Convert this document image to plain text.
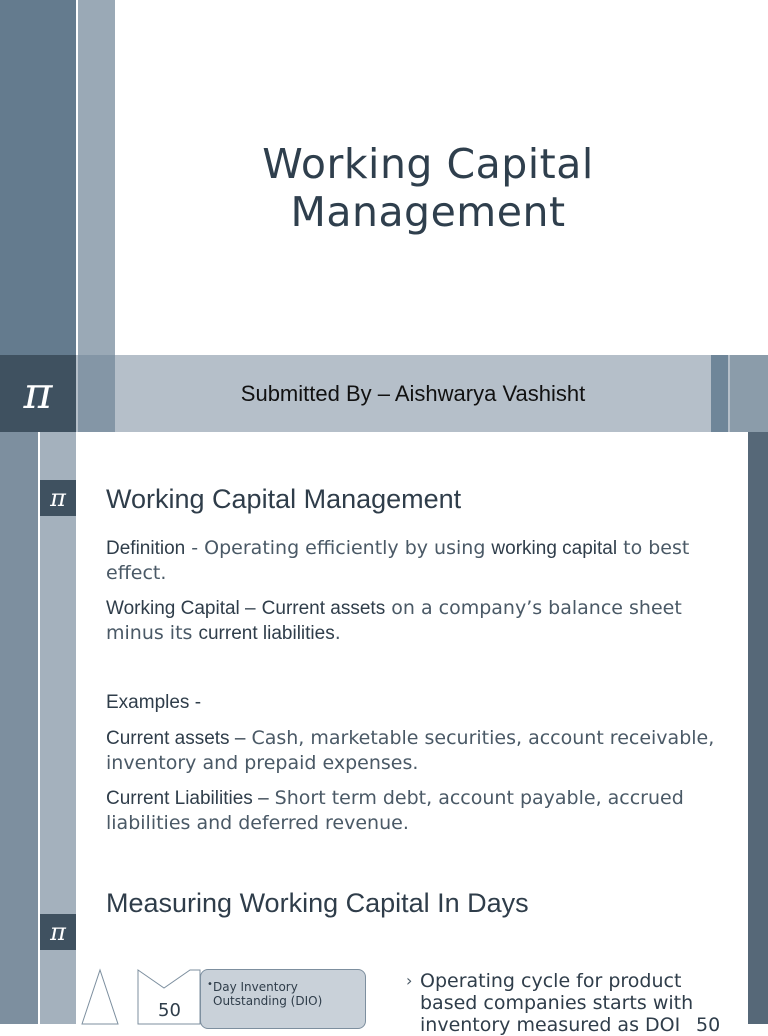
π
Working Capital
Management
Submitted By – Aishwarya Vashisht
π	Working Capital Management
Definition - Operating efficiently by using working capital to best effect.
Working Capital – Current assets on a company’s balance sheet minus its current liabilities.
Examples -
Current assets – Cash, marketable securities, account receivable, inventory and prepaid expenses.
Current Liabilities – Short term debt, account payable, accrued liabilities and deferred revenue.
π
Measuring Working Capital In Days
50
• Day Inventory
Outstanding (DIO)
› Operating cycle for product based companies starts with inventory measured as DOI 50
